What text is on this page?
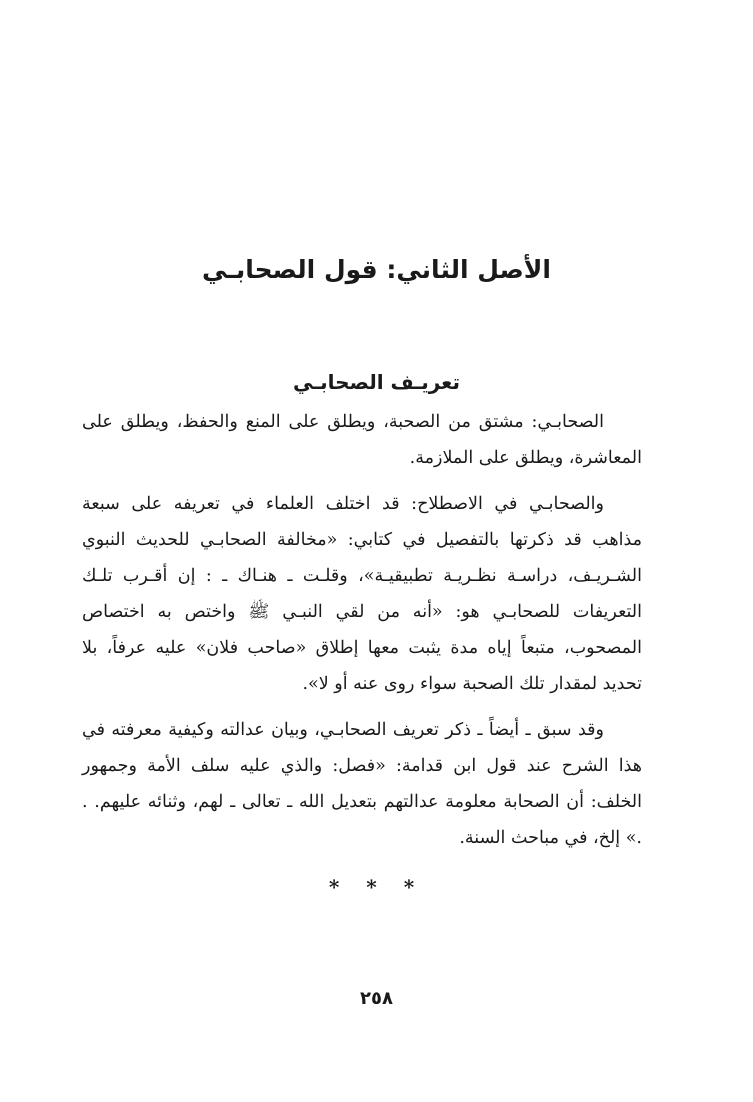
الأصل الثاني: قول الصحابـي
تعريـف الصحابـي

الصحابـي: مشتق من الصحبة، ويطلق على المنع والحفظ، ويطلق على المعاشرة، ويطلق على الملازمة.

والصحابـي في الاصطلاح: قد اختلف العلماء في تعريفه على سبعة مذاهب قد ذكرتها بالتفصيل في كتابي: «مخالفة الصحابـي للحديث النبوي الشـريـف، دراسـة نظـريـة تطبيقيـة»، وقلـت ـ هنـاك ـ : إن أقـرب تلـك التعريفات للصحابـي هو: «أنه من لقي النبـي ﷺ واختص به اختصاص المصحوب، متبعاً إياه مدة يثبت معها إطلاق «صاحب فلان» عليه عرفاً، بلا تحديد لمقدار تلك الصحبة سواء روى عنه أو لا».

وقد سبق ـ أيضاً ـ ذكر تعريف الصحابـي، وبيان عدالته وكيفية معرفته في هذا الشرح عند قول ابن قدامة: «فصل: والذي عليه سلف الأمة وجمهور الخلف: أن الصحابة معلومة عدالتهم بتعديل الله ـ تعالى ـ لهم، وثنائه عليهم. . .» إلخ، في مباحث السنة.

* * *
٢٥٨
